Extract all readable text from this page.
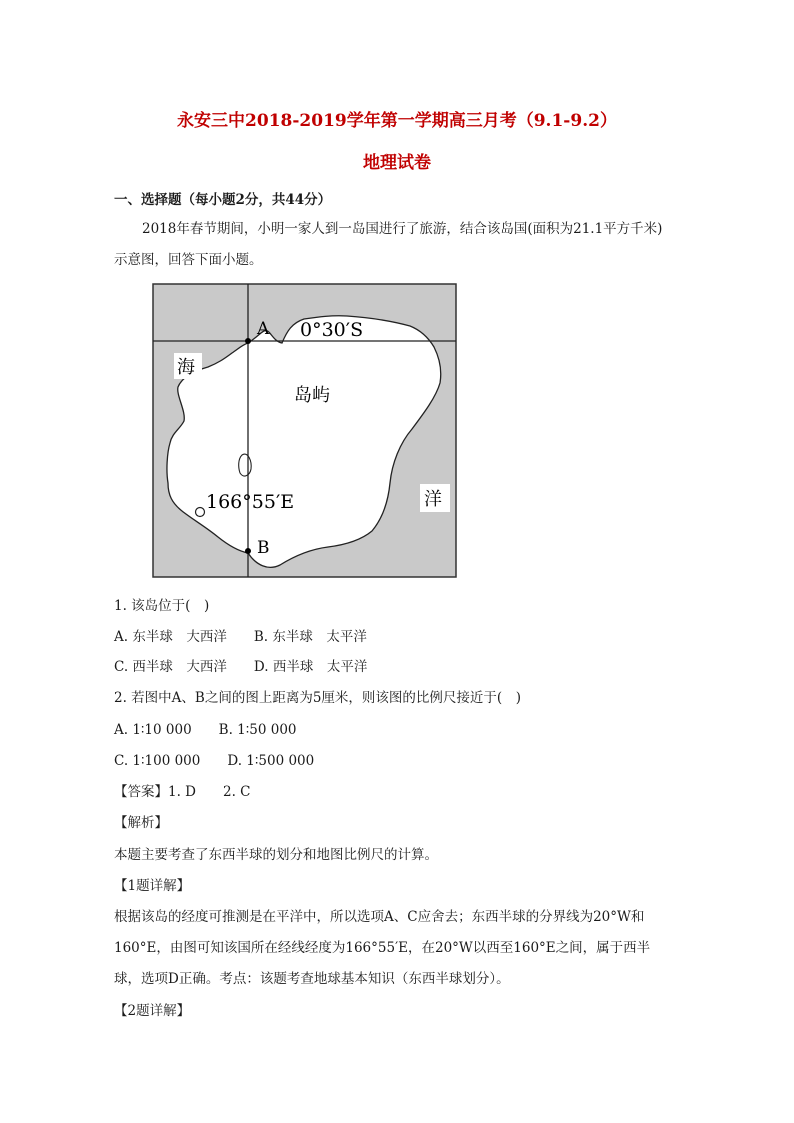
永安三中2018-2019学年第一学期高三月考（9.1-9.2）
地理试卷
一、选择题（每小题2分，共44分）
2018年春节期间，小明一家人到一岛国进行了旅游，结合该岛国(面积为21.1平方千米)
示意图，回答下面小题。
A
B
0°30′S
166°55′E
海
岛屿
洋
1. 该岛位于(　)
A. 东半球　大西洋　　B. 东半球　太平洋
C. 西半球　大西洋　　D. 西半球　太平洋
2. 若图中A、B之间的图上距离为5厘米，则该图的比例尺接近于(　)
A. 1∶10 000　　B. 1∶50 000
C. 1∶100 000　　D. 1∶500 000
【答案】1. D　　2. C
【解析】
本题主要考查了东西半球的划分和地图比例尺的计算。
【1题详解】
根据该岛的经度可推测是在平洋中，所以选项A、C应舍去；东西半球的分界线为20°W和
160°E，由图可知该国所在经线经度为166°55′E，在20°W以西至160°E之间，属于西半
球，选项D正确。考点：该题考查地球基本知识（东西半球划分）。
【2题详解】
